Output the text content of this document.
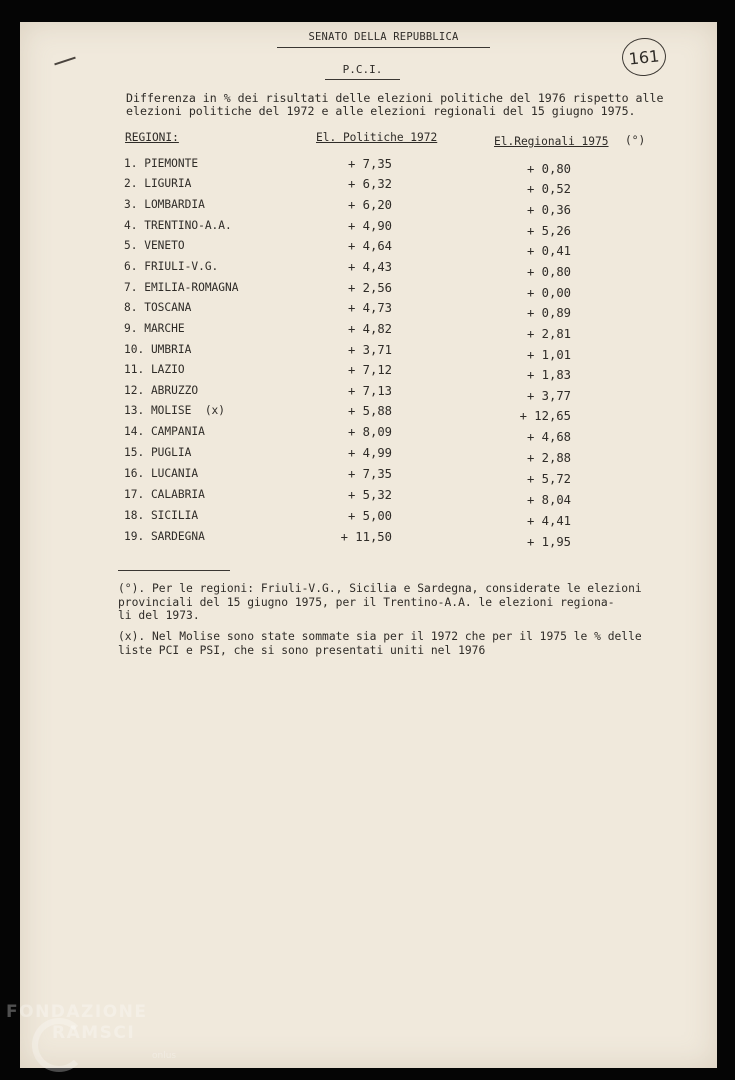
SENATO DELLA REPUBBLICA
161
P.C.I.
Differenza in % dei risultati delle elezioni politiche del 1976 rispetto alle
elezioni politiche del 1972 e alle elezioni regionali del 15 giugno 1975.
REGIONI:	El. Politiche 1972	El.Regionali 1975 (°)
1. PIEMONTE	+ 7,35	+ 0,80
2. LIGURIA	+ 6,32	+ 0,52
3. LOMBARDIA	+ 6,20	+ 0,36
4. TRENTINO-A.A.	+ 4,90	+ 5,26
5. VENETO	+ 4,64	+ 0,41
6. FRIULI-V.G.	+ 4,43	+ 0,80
7. EMILIA-ROMAGNA	+ 2,56	+ 0,00
8. TOSCANA	+ 4,73	+ 0,89
9. MARCHE	+ 4,82	+ 2,81
10. UMBRIA	+ 3,71	+ 1,01
11. LAZIO	+ 7,12	+ 1,83
12. ABRUZZO	+ 7,13	+ 3,77
13. MOLISE  (x)	+ 5,88	+ 12,65
14. CAMPANIA	+ 8,09	+ 4,68
15. PUGLIA	+ 4,99	+ 2,88
16. LUCANIA	+ 7,35	+ 5,72
17. CALABRIA	+ 5,32	+ 8,04
18. SICILIA	+ 5,00	+ 4,41
19. SARDEGNA	+ 11,50	+ 1,95
(°). Per le regioni: Friuli-V.G., Sicilia e Sardegna, considerate le elezioni
provinciali del 15 giugno 1975, per il Trentino-A.A. le elezioni regiona-
li del 1973.
(x). Nel Molise sono state sommate sia per il 1972 che per il 1975 le % delle
liste PCI e PSI, che si sono presentati uniti nel 1976
FONDAZIONE
RAMSCI
onlus
